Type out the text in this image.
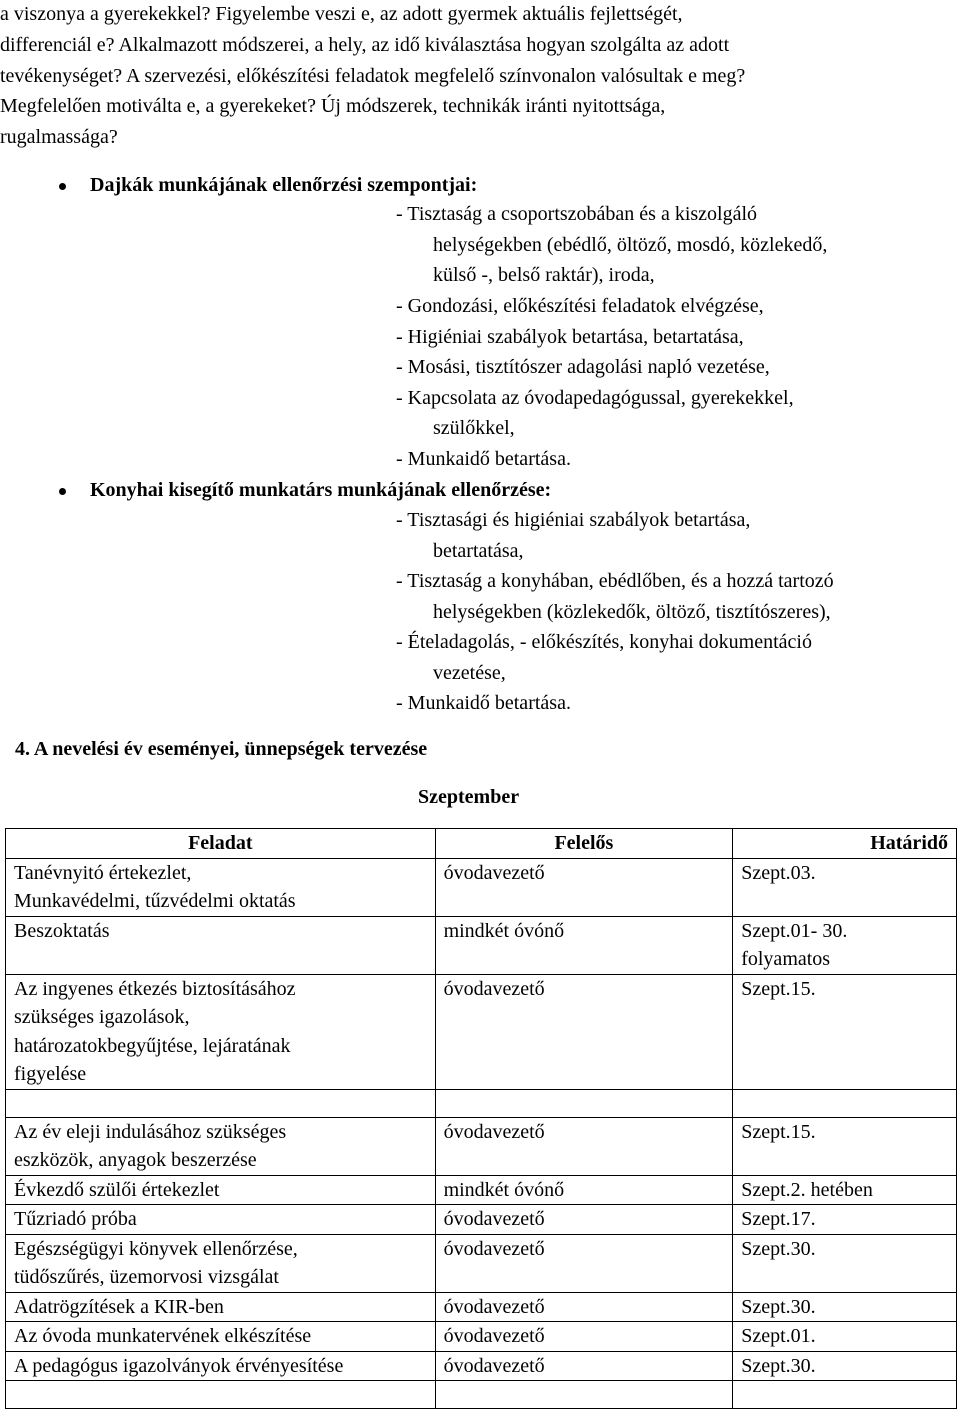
a viszonya a gyerekekkel? Figyelembe veszi e, az adott gyermek aktuális fejlettségét,
differenciál e? Alkalmazott módszerei, a hely, az idő kiválasztása hogyan szolgálta az adott
tevékenységet? A szervezési, előkészítési feladatok megfelelő színvonalon valósultak e meg?
Megfelelően motiválta e, a gyerekeket? Új módszerek, technikák iránti nyitottsága,
rugalmassága?
Dajkák munkájának ellenőrzési szempontjai:
- Tisztaság a csoportszobában és a kiszolgáló
helységekben (ebédlő, öltöző, mosdó, közlekedő,
külső -, belső raktár), iroda,
- Gondozási, előkészítési feladatok elvégzése,
- Higiéniai szabályok betartása, betartatása,
- Mosási, tisztítószer adagolási napló vezetése,
- Kapcsolata az óvodapedagógussal, gyerekekkel,
szülőkkel,
- Munkaidő betartása.
Konyhai kisegítő munkatárs munkájának ellenőrzése:
- Tisztasági és higiéniai szabályok betartása,
betartatása,
- Tisztaság a konyhában, ebédlőben, és a hozzá tartozó
helységekben (közlekedők, öltöző, tisztítószeres),
- Ételadagolás, - előkészítés, konyhai dokumentáció
vezetése,
- Munkaidő betartása.
4. A nevelési év eseményei, ünnepségek tervezése
Szeptember
Feladat	Felelős	Határidő
Tanévnyitó értekezlet,
Munkavédelmi, tűzvédelmi oktatás	óvodavezető	Szept.03.
Beszoktatás	mindkét óvónő	Szept.01- 30.
folyamatos
Az ingyenes étkezés biztosításához
szükséges igazolások,
határozatokbegyűjtése, lejáratának
figyelése	óvodavezető	Szept.15.

Az év eleji indulásához szükséges
eszközök, anyagok beszerzése	óvodavezető	Szept.15.
Évkezdő szülői értekezlet	mindkét óvónő	Szept.2. hetében
Tűzriadó próba	óvodavezető	Szept.17.
Egészségügyi könyvek ellenőrzése,
tüdőszűrés, üzemorvosi vizsgálat	óvodavezető	Szept.30.
Adatrögzítések a KIR-ben	óvodavezető	Szept.30.
Az óvoda munkatervének elkészítése	óvodavezető	Szept.01.
A pedagógus igazolványok érvényesítése	óvodavezető	Szept.30.
